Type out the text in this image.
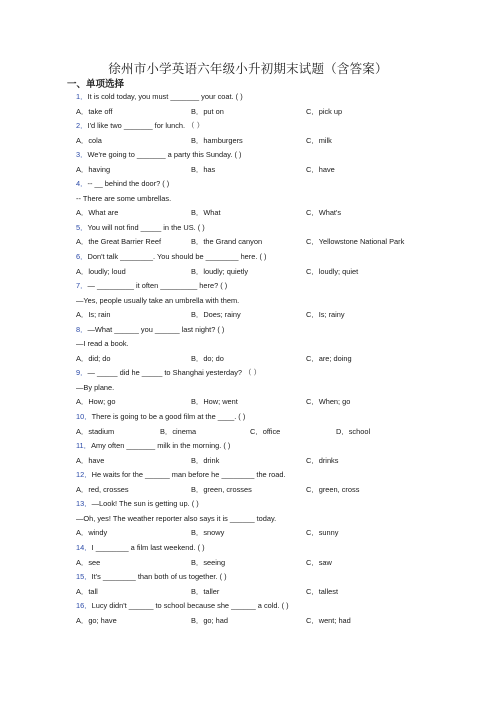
徐州市小学英语六年级小升初期末试题（含答案）
一、单项选择
1．It is cold today, you must _______ your coat. ( )
A．take off	B．put on	C．pick up
2．I'd like two _______ for lunch. （ ）
A．cola	B．hamburgers	C．milk
3．We're going to _______ a party this Sunday. ( )
A．having	B．has	C．have
4．-- __ behind the door? ( )
-- There are some umbrellas.
A．What are	B．What	C．What's
5．You will not find _____ in the US. ( )
A．the Great Barrier Reef	B．the Grand canyon	C．Yellowstone National Park
6．Don't talk ________. You should be ________ here. ( )
A．loudly; loud	B．loudly; quietly	C．loudly; quiet
7．— _________ it often _________ here? ( )
—Yes, people usually take an umbrella with them.
A．Is; rain	B．Does; rainy	C．Is; rainy
8．—What ______ you ______ last night? ( )
—I read a book.
A．did; do	B．do; do	C．are; doing
9．— _____ did he _____ to Shanghai yesterday? （ ）
—By plane.
A．How; go	B．How; went	C．When; go
10．There is going to be a good film at the ____. ( )
A．stadium	B．cinema	C．office	D．school
11．Amy often _______ milk in the morning. ( )
A．have	B．drink	C．drinks
12．He waits for the ______ man before he ________ the road.
A．red, crosses	B．green, crosses	C．green, cross
13．—Look! The sun is getting up. ( )
—Oh, yes! The weather reporter also says it is ______ today.
A．windy	B．snowy	C．sunny
14．I ________ a film last weekend. ( )
A．see	B．seeing	C．saw
15．It's ________ than both of us together. ( )
A．tall	B．taller	C．tallest
16．Lucy didn't ______ to school because she ______ a cold. ( )
A．go; have	B．go; had	C．went; had
